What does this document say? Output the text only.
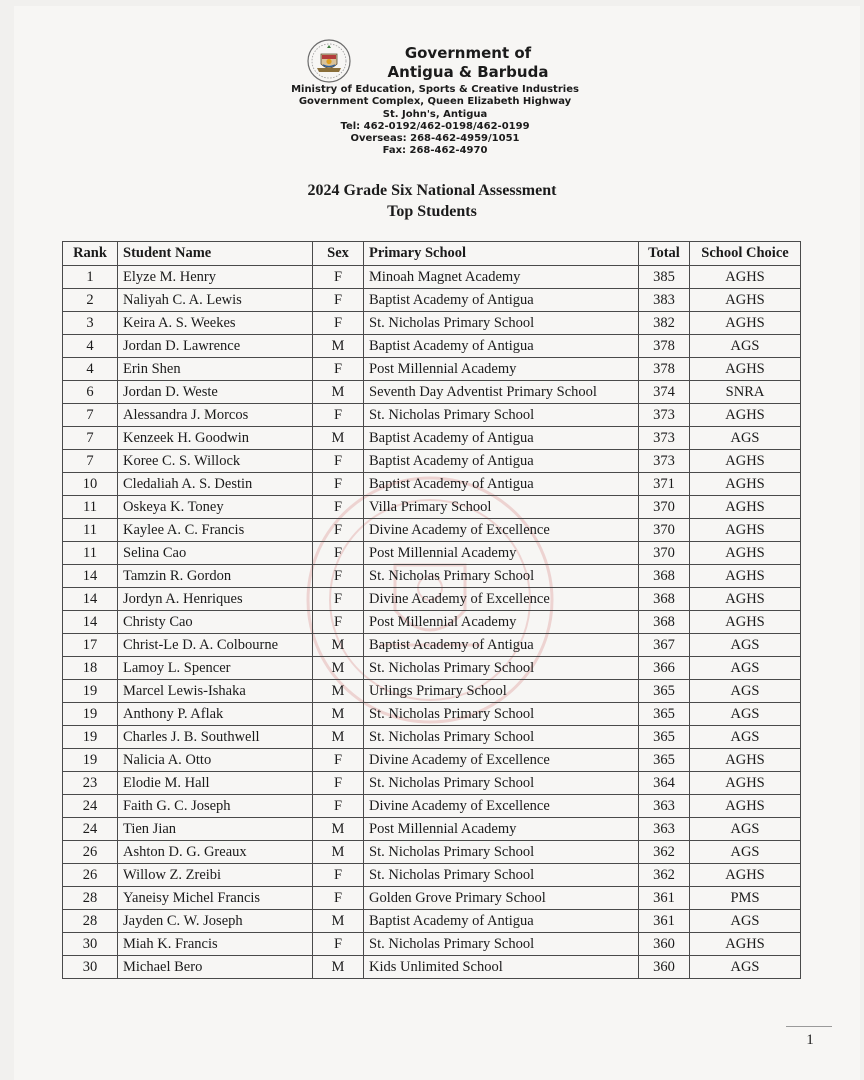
Government of
Antigua & Barbuda
Ministry of Education, Sports & Creative Industries
Government Complex, Queen Elizabeth Highway
St. John's, Antigua
Tel: 462-0192/462-0198/462-0199
Overseas: 268-462-4959/1051
Fax: 268-462-4970
2024 Grade Six National Assessment
Top Students
Rank	Student Name	Sex	Primary School	Total	School Choice
1	Elyze M. Henry	F	Minoah Magnet Academy	385	AGHS
2	Naliyah C. A. Lewis	F	Baptist Academy of Antigua	383	AGHS
3	Keira A. S. Weekes	F	St. Nicholas Primary School	382	AGHS
4	Jordan D. Lawrence	M	Baptist Academy of Antigua	378	AGS
4	Erin Shen	F	Post Millennial Academy	378	AGHS
6	Jordan D. Weste	M	Seventh Day Adventist Primary School	374	SNRA
7	Alessandra J. Morcos	F	St. Nicholas Primary School	373	AGHS
7	Kenzeek H. Goodwin	M	Baptist Academy of Antigua	373	AGS
7	Koree C. S. Willock	F	Baptist Academy of Antigua	373	AGHS
10	Cledaliah A. S. Destin	F	Baptist Academy of Antigua	371	AGHS
11	Oskeya K. Toney	F	Villa Primary School	370	AGHS
11	Kaylee A. C. Francis	F	Divine Academy of Excellence	370	AGHS
11	Selina Cao	F	Post Millennial Academy	370	AGHS
14	Tamzin R. Gordon	F	St. Nicholas Primary School	368	AGHS
14	Jordyn A. Henriques	F	Divine Academy of Excellence	368	AGHS
14	Christy Cao	F	Post Millennial Academy	368	AGHS
17	Christ-Le D. A. Colbourne	M	Baptist Academy of Antigua	367	AGS
18	Lamoy L. Spencer	M	St. Nicholas Primary School	366	AGS
19	Marcel Lewis-Ishaka	M	Urlings Primary School	365	AGS
19	Anthony P. Aflak	M	St. Nicholas Primary School	365	AGS
19	Charles J. B. Southwell	M	St. Nicholas Primary School	365	AGS
19	Nalicia A. Otto	F	Divine Academy of Excellence	365	AGHS
23	Elodie M. Hall	F	St. Nicholas Primary School	364	AGHS
24	Faith G. C. Joseph	F	Divine Academy of Excellence	363	AGHS
24	Tien Jian	M	Post Millennial Academy	363	AGS
26	Ashton D. G. Greaux	M	St. Nicholas Primary School	362	AGS
26	Willow Z. Zreibi	F	St. Nicholas Primary School	362	AGHS
28	Yaneisy Michel Francis	F	Golden Grove Primary School	361	PMS
28	Jayden C. W. Joseph	M	Baptist Academy of Antigua	361	AGS
30	Miah K. Francis	F	St. Nicholas Primary School	360	AGHS
30	Michael Bero	M	Kids Unlimited School	360	AGS
1
